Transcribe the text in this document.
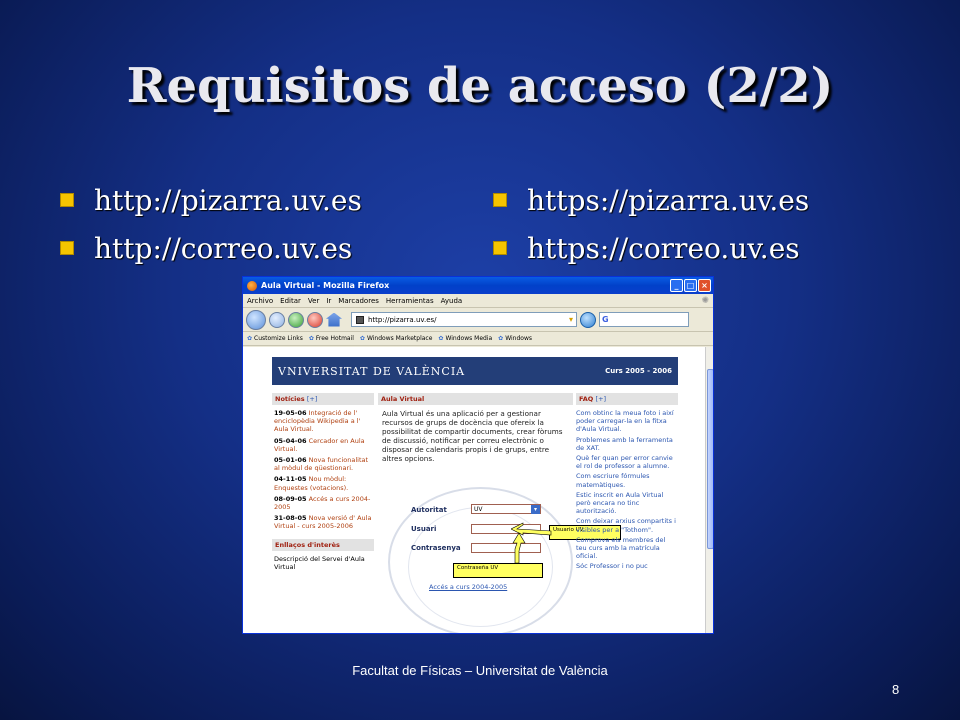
Requisitos de acceso (2/2)
http://pizarra.uv.es
http://correo.uv.es
https://pizarra.uv.es
https://correo.uv.es
Aula Virtual - Mozilla Firefox	_	□ ×
Archivo Editar Ver Ir Marcadores Herramientas Ayuda	✺
http://pizarra.uv.es/	▾	G
✿ Customize Links	✿ Free Hotmail	✿ Windows Marketplace	✿ Windows Media	✿ Windows
VNIVERSITAT DE VALÈNCIA	Curs 2005 - 2006
Notícies [+]
19-05-06 Integració de l' enciclopèdia Wikipedia a l' Aula Virtual.
05-04-06 Cercador en Aula Virtual.
05-01-06 Nova funcionalitat al mòdul de qüestionari.
04-11-05 Nou mòdul: Enquestes (votacions).
08-09-05 Accés a curs 2004-2005
31-08-05 Nova versió d' Aula Virtual - curs 2005-2006
Enllaços d'interès
Descripció del Servei d'Aula Virtual
Aula Virtual
Aula Virtual és una aplicació per a gestionar recursos de grups de docència que ofereix la possibilitat de compartir documents, crear fòrums de discussió, notificar per correu electrònic o disposar de calendaris propis i de grups, entre altres opcions.
Autoritat	UV	▾
Usuari
Contrasenya
Accés a curs 2004-2005
Usuario UV
Contraseña UV
FAQ [+]
Com obtinc la meua foto i així poder carregar-la en la fitxa d'Aula Virtual.
Problemes amb la ferramenta de XAT.
Què fer quan per error canvie el rol de professor a alumne.
Com escriure fórmules matemàtiques.
Estic inscrit en Aula Virtual però encara no tinc autorització.
Com deixar arxius compartits i visibles per a "Tothom".
Comprova els membres del teu curs amb la matrícula oficial.
Sóc Professor i no puc
Facultat de Físicas – Universitat de València
8
